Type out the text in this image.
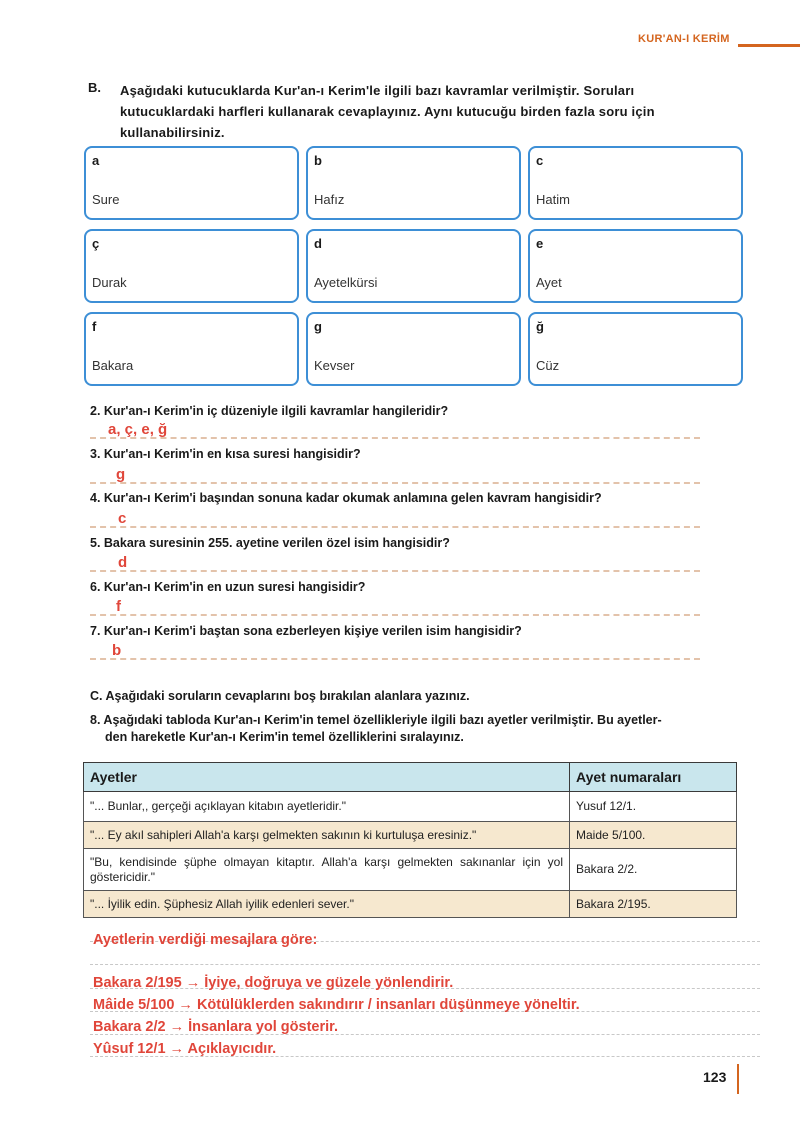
KUR'AN-I KERİM
B. Aşağıdaki kutucuklarda Kur'an-ı Kerim'le ilgili bazı kavramlar verilmiştir. Soruları kutucuklardaki harfleri kullanarak cevaplayınız. Aynı kutucuğu birden fazla soru için kullanabilirsiniz.
a
Sure
b
Hafız
c
Hatim
ç
Durak
d
Ayetelkürsi
e
Ayet
f
Bakara
g
Kevser
ğ
Cüz
2. Kur'an-ı Kerim'in iç düzeniyle ilgili kavramlar hangileridir?
a, ç, e, ğ
3. Kur'an-ı Kerim'in en kısa suresi hangisidir?
g
4. Kur'an-ı Kerim'i başından sonuna kadar okumak anlamına gelen kavram hangisidir?
c
5. Bakara suresinin 255. ayetine verilen özel isim hangisidir?
d
6. Kur'an-ı Kerim'in en uzun suresi hangisidir?
f
7. Kur'an-ı Kerim'i baştan sona ezberleyen kişiye verilen isim hangisidir?
b
C. Aşağıdaki soruların cevaplarını boş bırakılan alanlara yazınız.
8. Aşağıdaki tabloda Kur'an-ı Kerim'in temel özellikleriyle ilgili bazı ayetler verilmiştir. Bu ayetler-
den hareketle Kur'an-ı Kerim'in temel özelliklerini sıralayınız.
Ayetler	Ayet numaraları
"... Bunlar,, gerçeği açıklayan kitabın ayetleridir."	Yusuf 12/1.
"... Ey akıl sahipleri Allah'a karşı gelmekten sakının ki kurtuluşa eresiniz."	Maide 5/100.
"Bu, kendisinde şüphe olmayan kitaptır. Allah'a karşı gelmekten sakınanlar için yol göstericidir."	Bakara 2/2.
"... İyilik edin. Şüphesiz Allah iyilik edenleri sever."	Bakara 2/195.
Ayetlerin verdiği mesajlara göre:
Bakara 2/195 → İyiye, doğruya ve güzele yönlendirir.
Mâide 5/100 → Kötülüklerden sakındırır / insanları düşünmeye yöneltir.
Bakara 2/2 → İnsanlara yol gösterir.
Yûsuf 12/1 → Açıklayıcıdır.
123
